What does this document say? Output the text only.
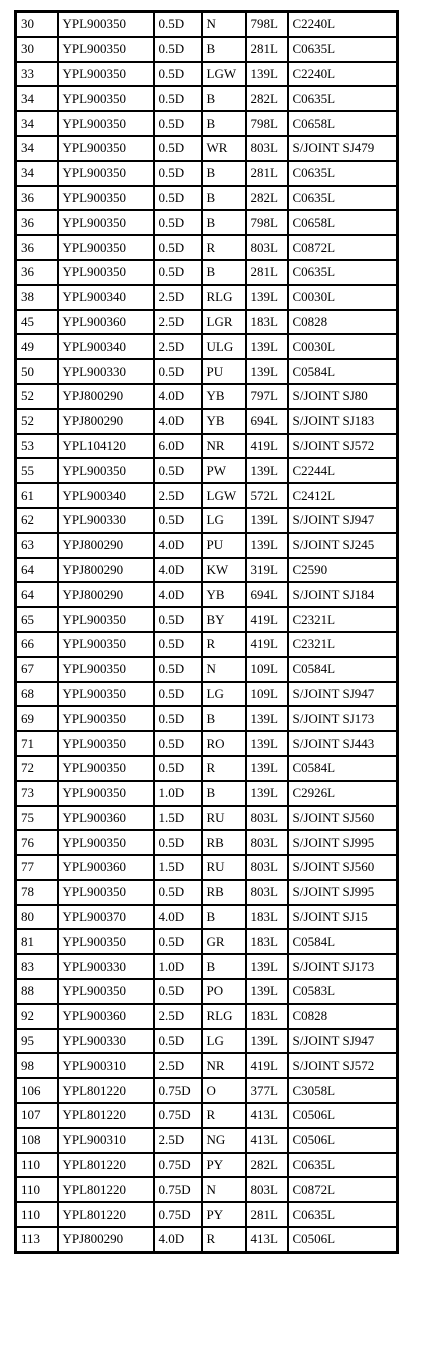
30	YPL900350	0.5D	N	798L	C2240L
30	YPL900350	0.5D	B	281L	C0635L
33	YPL900350	0.5D	LGW	139L	C2240L
34	YPL900350	0.5D	B	282L	C0635L
34	YPL900350	0.5D	B	798L	C0658L
34	YPL900350	0.5D	WR	803L	S/JOINT SJ479
34	YPL900350	0.5D	B	281L	C0635L
36	YPL900350	0.5D	B	282L	C0635L
36	YPL900350	0.5D	B	798L	C0658L
36	YPL900350	0.5D	R	803L	C0872L
36	YPL900350	0.5D	B	281L	C0635L
38	YPL900340	2.5D	RLG	139L	C0030L
45	YPL900360	2.5D	LGR	183L	C0828
49	YPL900340	2.5D	ULG	139L	C0030L
50	YPL900330	0.5D	PU	139L	C0584L
52	YPJ800290	4.0D	YB	797L	S/JOINT SJ80
52	YPJ800290	4.0D	YB	694L	S/JOINT SJ183
53	YPL104120	6.0D	NR	419L	S/JOINT SJ572
55	YPL900350	0.5D	PW	139L	C2244L
61	YPL900340	2.5D	LGW	572L	C2412L
62	YPL900330	0.5D	LG	139L	S/JOINT SJ947
63	YPJ800290	4.0D	PU	139L	S/JOINT SJ245
64	YPJ800290	4.0D	KW	319L	C2590
64	YPJ800290	4.0D	YB	694L	S/JOINT SJ184
65	YPL900350	0.5D	BY	419L	C2321L
66	YPL900350	0.5D	R	419L	C2321L
67	YPL900350	0.5D	N	109L	C0584L
68	YPL900350	0.5D	LG	109L	S/JOINT SJ947
69	YPL900350	0.5D	B	139L	S/JOINT SJ173
71	YPL900350	0.5D	RO	139L	S/JOINT SJ443
72	YPL900350	0.5D	R	139L	C0584L
73	YPL900350	1.0D	B	139L	C2926L
75	YPL900360	1.5D	RU	803L	S/JOINT SJ560
76	YPL900350	0.5D	RB	803L	S/JOINT SJ995
77	YPL900360	1.5D	RU	803L	S/JOINT SJ560
78	YPL900350	0.5D	RB	803L	S/JOINT SJ995
80	YPL900370	4.0D	B	183L	S/JOINT SJ15
81	YPL900350	0.5D	GR	183L	C0584L
83	YPL900330	1.0D	B	139L	S/JOINT SJ173
88	YPL900350	0.5D	PO	139L	C0583L
92	YPL900360	2.5D	RLG	183L	C0828
95	YPL900330	0.5D	LG	139L	S/JOINT SJ947
98	YPL900310	2.5D	NR	419L	S/JOINT SJ572
106	YPL801220	0.75D	O	377L	C3058L
107	YPL801220	0.75D	R	413L	C0506L
108	YPL900310	2.5D	NG	413L	C0506L
110	YPL801220	0.75D	PY	282L	C0635L
110	YPL801220	0.75D	N	803L	C0872L
110	YPL801220	0.75D	PY	281L	C0635L
113	YPJ800290	4.0D	R	413L	C0506L
